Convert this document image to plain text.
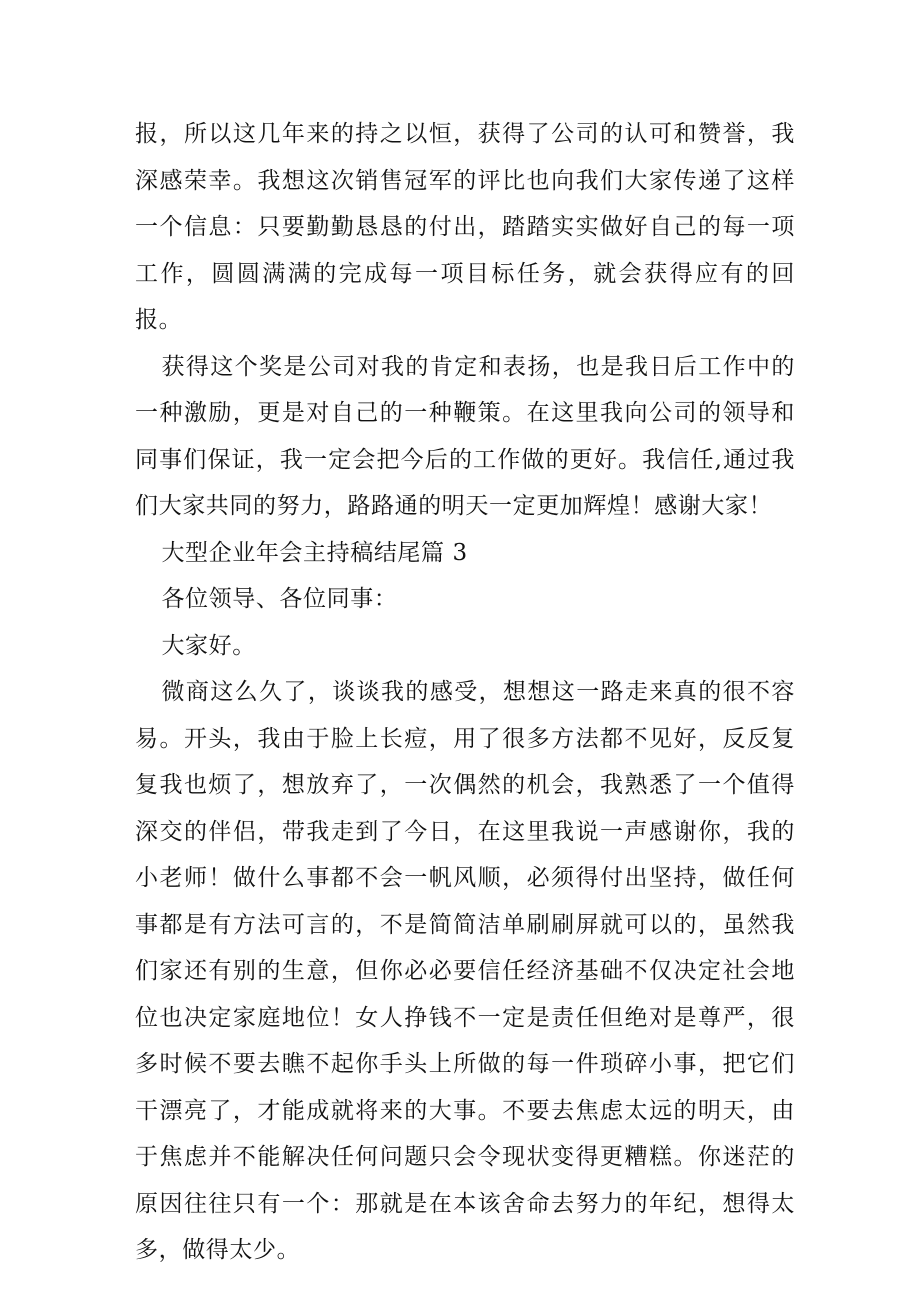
报，所以这几年来的持之以恒，获得了公司的认可和赞誉，我深感荣幸。我想这次销售冠军的评比也向我们大家传递了这样一个信息：只要勤勤恳恳的付出，踏踏实实做好自己的每一项工作，圆圆满满的完成每一项目标任务，就会获得应有的回报。

获得这个奖是公司对我的肯定和表扬，也是我日后工作中的一种激励，更是对自己的一种鞭策。在这里我向公司的领导和同事们保证，我一定会把今后的工作做的更好。我信任,通过我们大家共同的努力，路路通的明天一定更加辉煌！感谢大家！

大型企业年会主持稿结尾篇 3

各位领导、各位同事：

大家好。

微商这么久了，谈谈我的感受，想想这一路走来真的很不容易。开头，我由于脸上长痘，用了很多方法都不见好，反反复复我也烦了，想放弃了，一次偶然的机会，我熟悉了一个值得深交的伴侣，带我走到了今日，在这里我说一声感谢你，我的小老师！做什么事都不会一帆风顺，必须得付出坚持，做任何事都是有方法可言的，不是简简洁单刷刷屏就可以的，虽然我们家还有别的生意，但你必必要信任经济基础不仅决定社会地位也决定家庭地位！女人挣钱不一定是责任但绝对是尊严，很多时候不要去瞧不起你手头上所做的每一件琐碎小事，把它们干漂亮了，才能成就将来的大事。不要去焦虑太远的明天，由于焦虑并不能解决任何问题只会令现状变得更糟糕。你迷茫的原因往往只有一个：那就是在本该舍命去努力的年纪，想得太多，做得太少。
